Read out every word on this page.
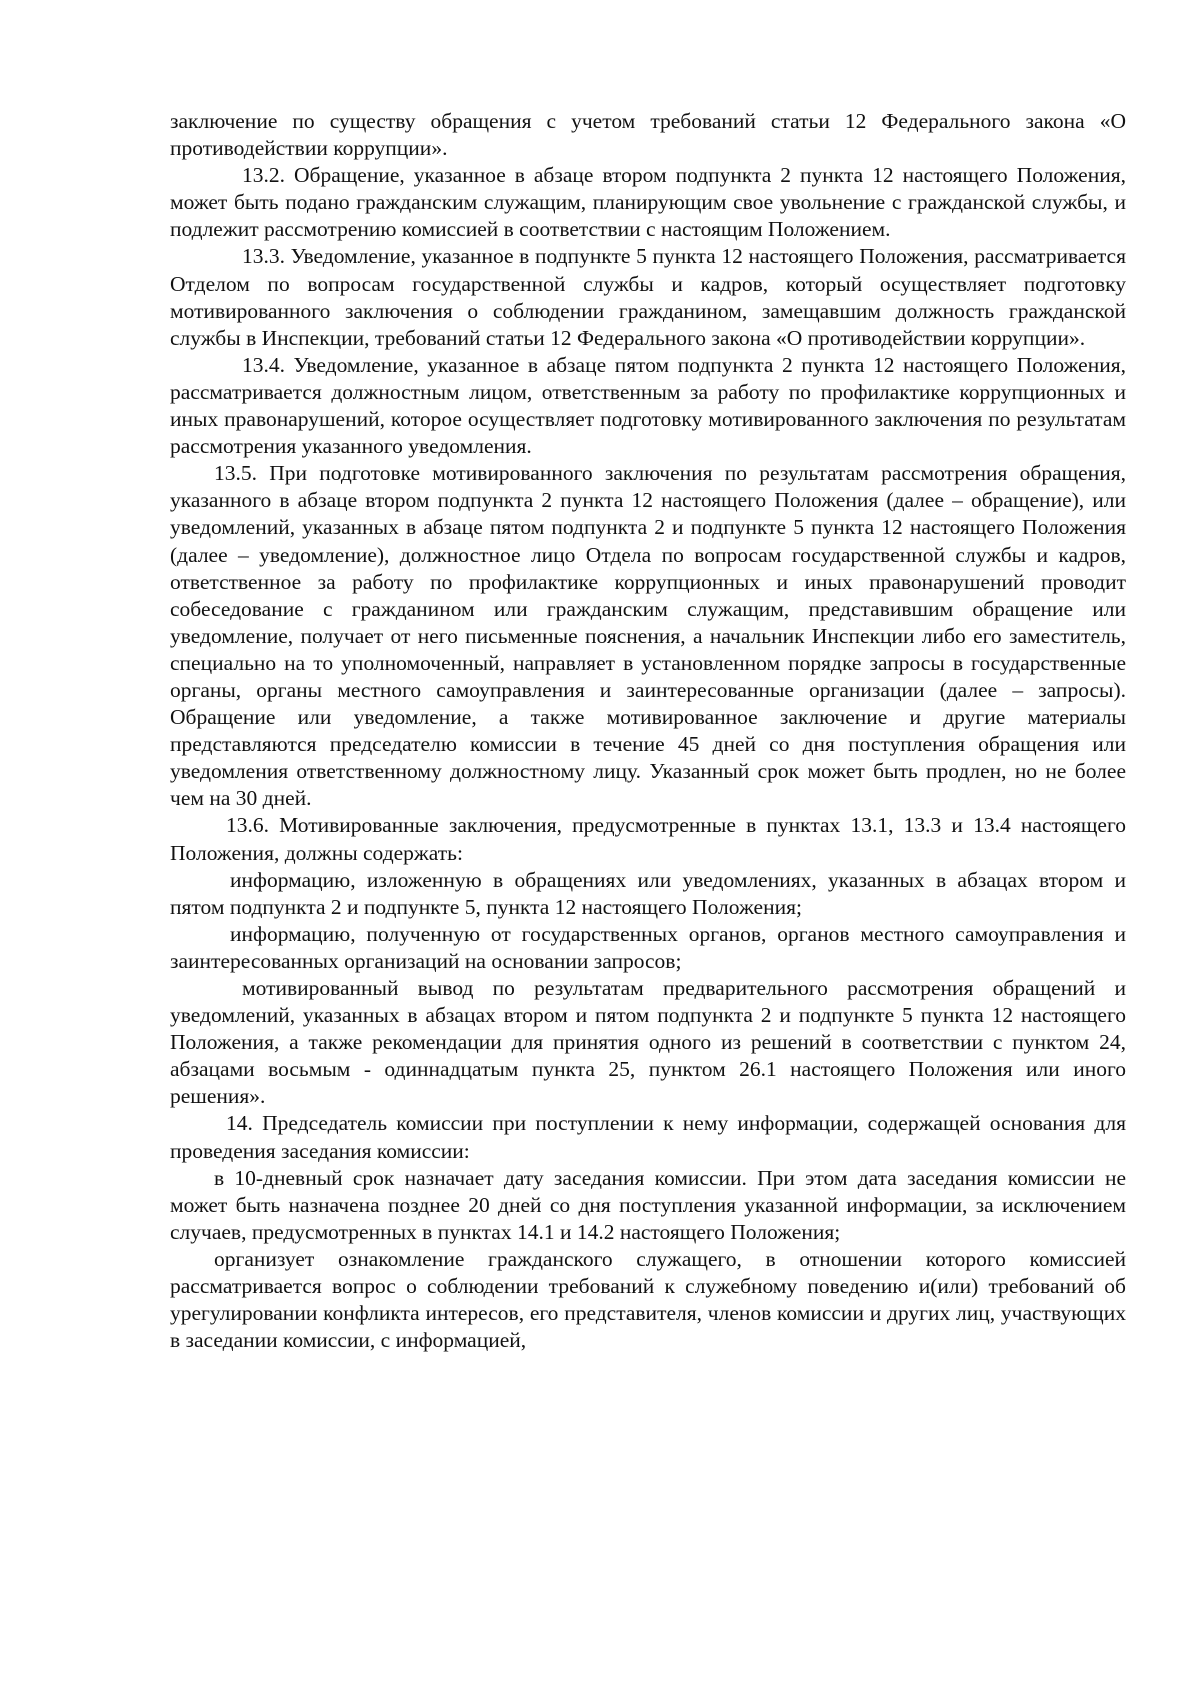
заключение по существу обращения с учетом требований статьи 12 Федерального закона «О противодействии коррупции».

13.2. Обращение, указанное в абзаце втором подпункта 2 пункта 12 настоящего Положения, может быть подано гражданским служащим, планирующим свое увольнение с гражданской службы, и подлежит рассмотрению комиссией в соответствии с настоящим Положением.

13.3. Уведомление, указанное в подпункте 5 пункта 12 настоящего Положения, рассматривается Отделом по вопросам государственной службы и кадров, который осуществляет подготовку мотивированного заключения о соблюдении гражданином, замещавшим должность гражданской службы в Инспекции, требований статьи 12 Федерального закона «О противодействии коррупции».

13.4. Уведомление, указанное в абзаце пятом подпункта 2 пункта 12 настоящего Положения, рассматривается должностным лицом, ответственным за работу по профилактике коррупционных и иных правонарушений, которое осуществляет подготовку мотивированного заключения по результатам рассмотрения указанного уведомления.

13.5. При подготовке мотивированного заключения по результатам рассмотрения обращения, указанного в абзаце втором подпункта 2 пункта 12 настоящего Положения (далее – обращение), или уведомлений, указанных в абзаце пятом подпункта 2 и подпункте 5 пункта 12 настоящего Положения (далее – уведомление), должностное лицо Отдела по вопросам государственной службы и кадров, ответственное за работу по профилактике коррупционных и иных правонарушений проводит собеседование с гражданином или гражданским служащим, представившим обращение или уведомление, получает от него письменные пояснения, а начальник Инспекции либо его заместитель, специально на то уполномоченный, направляет в установленном порядке запросы в государственные органы, органы местного самоуправления и заинтересованные организации (далее – запросы). Обращение или уведомление, а также мотивированное заключение и другие материалы представляются председателю комиссии в течение 45 дней со дня поступления обращения или уведомления ответственному должностному лицу. Указанный срок может быть продлен, но не более чем на 30 дней.

13.6. Мотивированные заключения, предусмотренные в пунктах 13.1, 13.3 и 13.4 настоящего Положения, должны содержать:

информацию, изложенную в обращениях или уведомлениях, указанных в абзацах втором и пятом подпункта 2 и подпункте 5, пункта 12 настоящего Положения;

информацию, полученную от государственных органов, органов местного самоуправления и заинтересованных организаций на основании запросов;

мотивированный вывод по результатам предварительного рассмотрения обращений и уведомлений, указанных в абзацах втором и пятом подпункта 2 и подпункте 5 пункта 12 настоящего Положения, а также рекомендации для принятия одного из решений в соответствии с пунктом 24, абзацами восьмым - одиннадцатым пункта 25, пунктом 26.1 настоящего Положения или иного решения».

14. Председатель комиссии при поступлении к нему информации, содержащей основания для проведения заседания комиссии:

в 10-дневный срок назначает дату заседания комиссии. При этом дата заседания комиссии не может быть назначена позднее 20 дней со дня поступления указанной информации, за исключением случаев, предусмотренных в пунктах 14.1 и 14.2 настоящего Положения;

организует ознакомление гражданского служащего, в отношении которого комиссией рассматривается вопрос о соблюдении требований к служебному поведению и(или) требований об урегулировании конфликта интересов, его представителя, членов комиссии и других лиц, участвующих в заседании комиссии, с информацией,
